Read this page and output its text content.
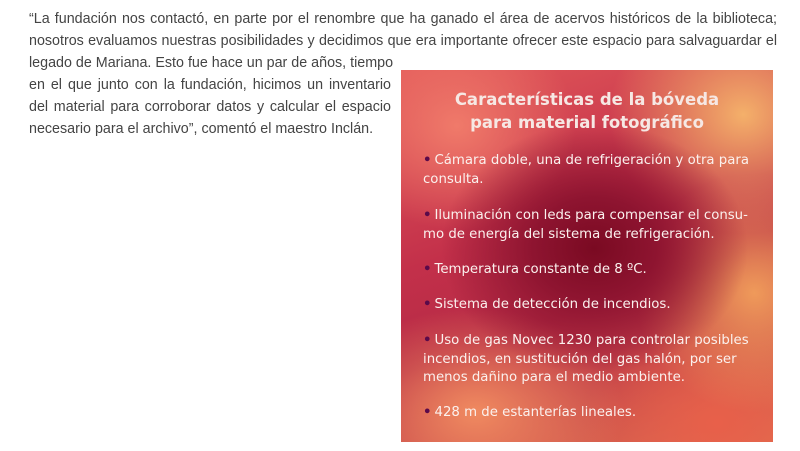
“La fundación nos contactó, en parte por el renombre que ha ganado el área de acervos históricos de la biblioteca;
nosotros evaluamos nuestras posibilidades y decidimos que era importante ofrecer este espacio para salvaguardar el

legado de Mariana. Esto fue hace un par de años, tiempo
en el que junto con la fundación, hicimos un inventario
del material para corroborar datos y calcular el espacio
necesario para el archivo”, comentó el maestro Inclán.

Características de la bóveda
para material fotográfico
• Cámara doble, una de refrigeración y otra para
consulta.
• Iluminación con leds para compensar el consu-
mo de energía del sistema de refrigeración.
• Temperatura constante de 8 ºC.
• Sistema de detección de incendios.
• Uso de gas Novec 1230 para controlar posibles
incendios, en sustitución del gas halón, por ser
menos dañino para el medio ambiente.
• 428 m de estanterías lineales.
